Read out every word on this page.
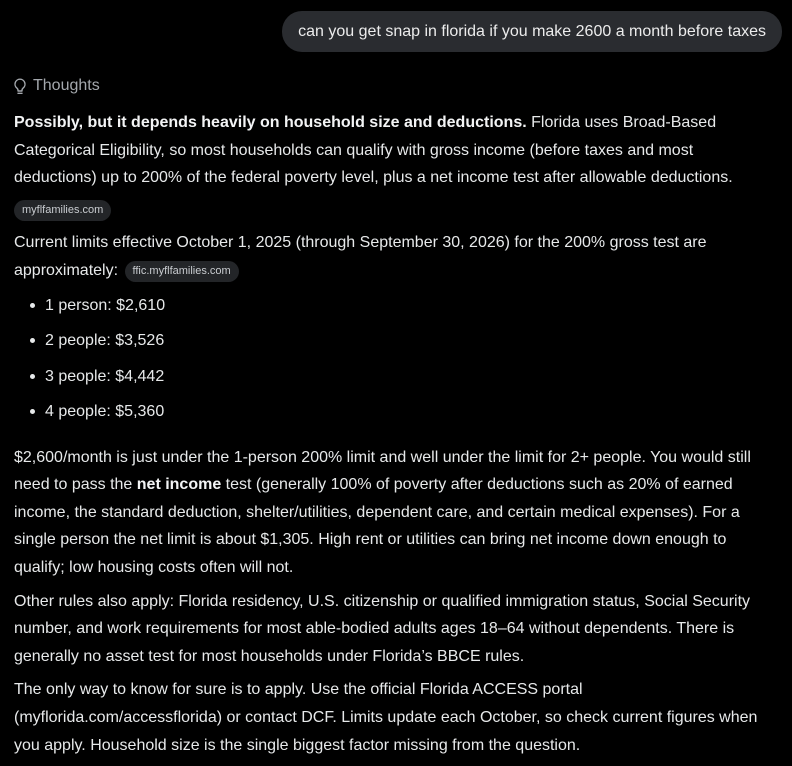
can you get snap in florida if you make 2600 a month before taxes
Thoughts

Possibly, but it depends heavily on household size and deductions. Florida uses Broad-Based Categorical Eligibility, so most households can qualify with gross income (before taxes and most deductions) up to 200% of the federal poverty level, plus a net income test after allowable deductions.

myflfamilies.com

Current limits effective October 1, 2025 (through September 30, 2026) for the 200% gross test are approximately: ffic.myflfamilies.com

1 person: $2,610
2 people: $3,526
3 people: $4,442
4 people: $5,360

$2,600/month is just under the 1-person 200% limit and well under the limit for 2+ people. You would still need to pass the net income test (generally 100% of poverty after deductions such as 20% of earned income, the standard deduction, shelter/utilities, dependent care, and certain medical expenses). For a single person the net limit is about $1,305. High rent or utilities can bring net income down enough to qualify; low housing costs often will not.

Other rules also apply: Florida residency, U.S. citizenship or qualified immigration status, Social Security number, and work requirements for most able-bodied adults ages 18–64 without dependents. There is generally no asset test for most households under Florida’s BBCE rules.

The only way to know for sure is to apply. Use the official Florida ACCESS portal (myflorida.com/accessflorida) or contact DCF. Limits update each October, so check current figures when you apply. Household size is the single biggest factor missing from the question.
